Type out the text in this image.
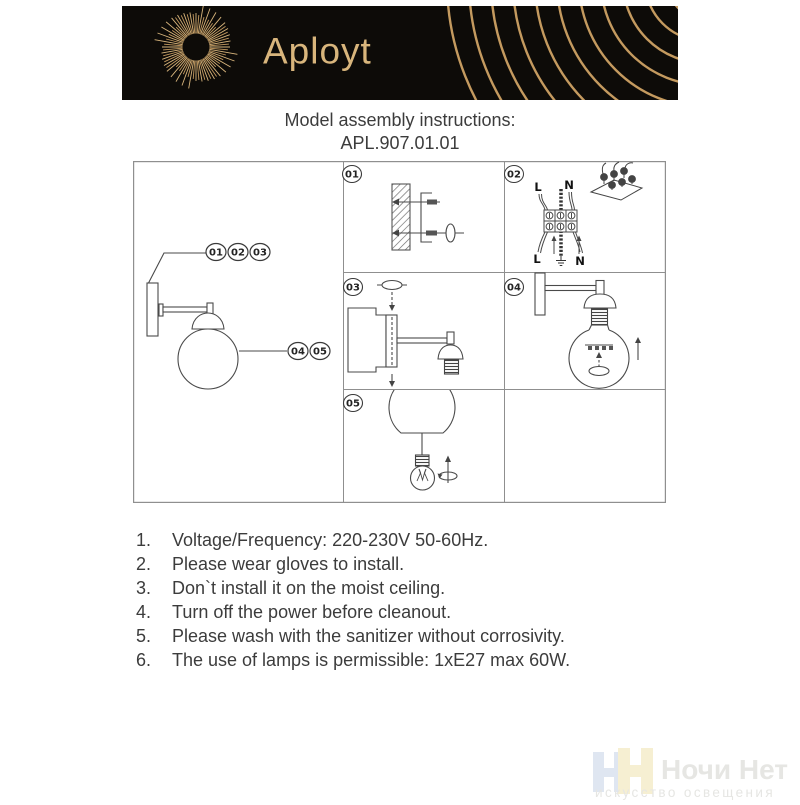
Aployt
Model assembly instructions:
APL.907.01.01
01 02 03
04 05
01	02
L N
L	N
03	04
05
1.	Voltage/Frequency: 220-230V 50-60Hz.
2.	Please wear gloves to install.
3.	Don`t install it on the moist ceiling.
4.	Turn off the power before cleanout.
5.	Please wash with the sanitizer without corrosivity.
6.	The use of lamps is permissible: 1xE27 max 60W.
Ночи Нет
искусство освещения
